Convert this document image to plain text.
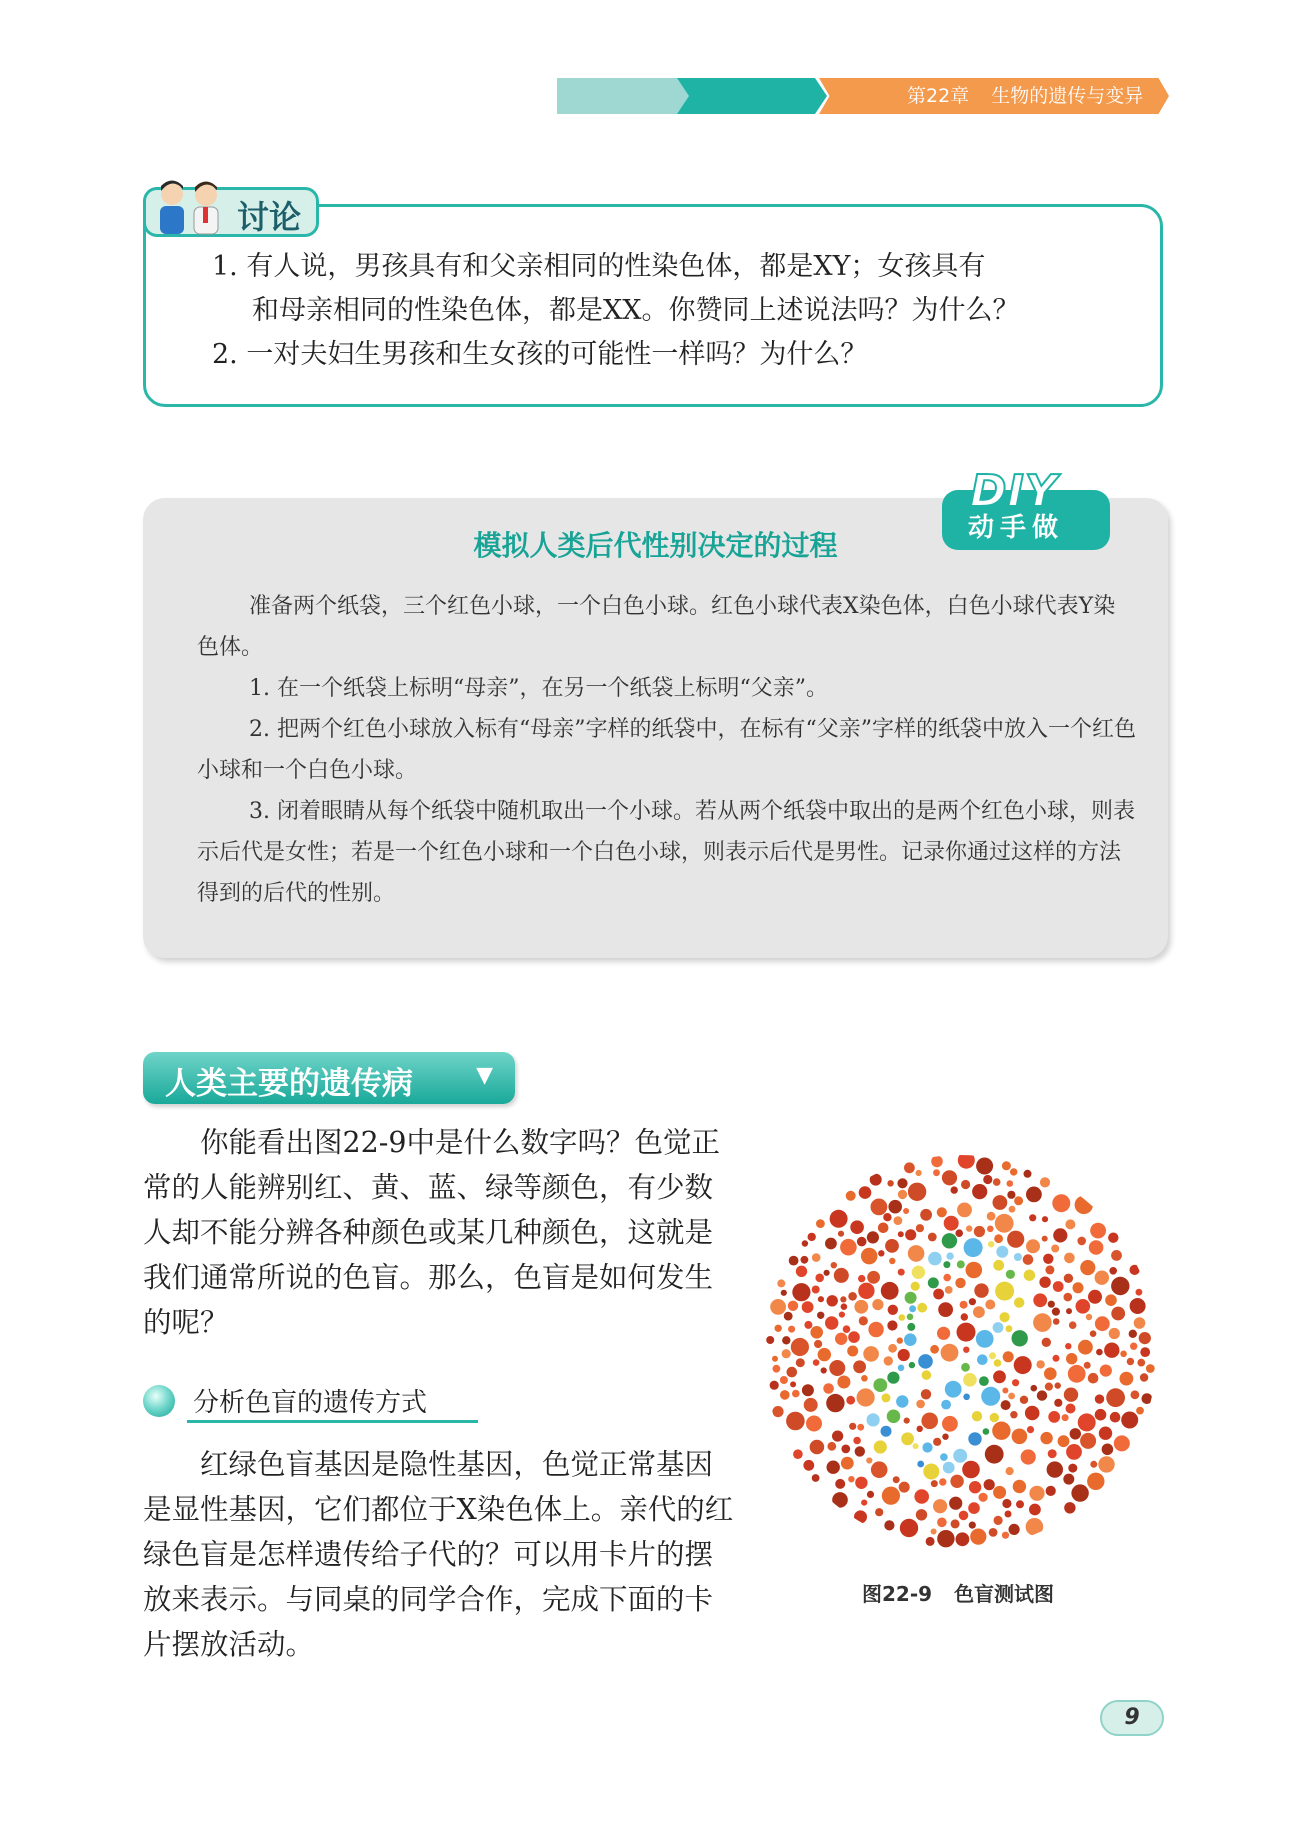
第22章 生物的遗传与变异

1. 有人说，男孩具有和父亲相同的性染色体，都是XY；女孩具有

和母亲相同的性染色体，都是XX。你赞同上述说法吗？为什么？

2. 一对夫妇生男孩和生女孩的可能性一样吗？为什么？

讨论
模拟人类后代性别决定的过程

准备两个纸袋，三个红色小球，一个白色小球。红色小球代表X染色体，白色小球代表Y染色体。

1. 在一个纸袋上标明“母亲”，在另一个纸袋上标明“父亲”。

2. 把两个红色小球放入标有“母亲”字样的纸袋中，在标有“父亲”字样的纸袋中放入一个红色小球和一个白色小球。

3. 闭着眼睛从每个纸袋中随机取出一个小球。若从两个纸袋中取出的是两个红色小球，则表示后代是女性；若是一个红色小球和一个白色小球，则表示后代是男性。记录你通过这样的方法得到的后代的性别。

DIY
动手做
人类主要的遗传病	▼

你能看出图22-9中是什么数字吗？色觉正常的人能辨别红、黄、蓝、绿等颜色，有少数人却不能分辨各种颜色或某几种颜色，这就是我们通常所说的色盲。那么，色盲是如何发生的呢？

分析色盲的遗传方式

红绿色盲基因是隐性基因，色觉正常基因是显性基因，它们都位于X染色体上。亲代的红绿色盲是怎样遗传给子代的？可以用卡片的摆放来表示。与同桌的同学合作，完成下面的卡片摆放活动。

图22-9 色盲测试图
9
